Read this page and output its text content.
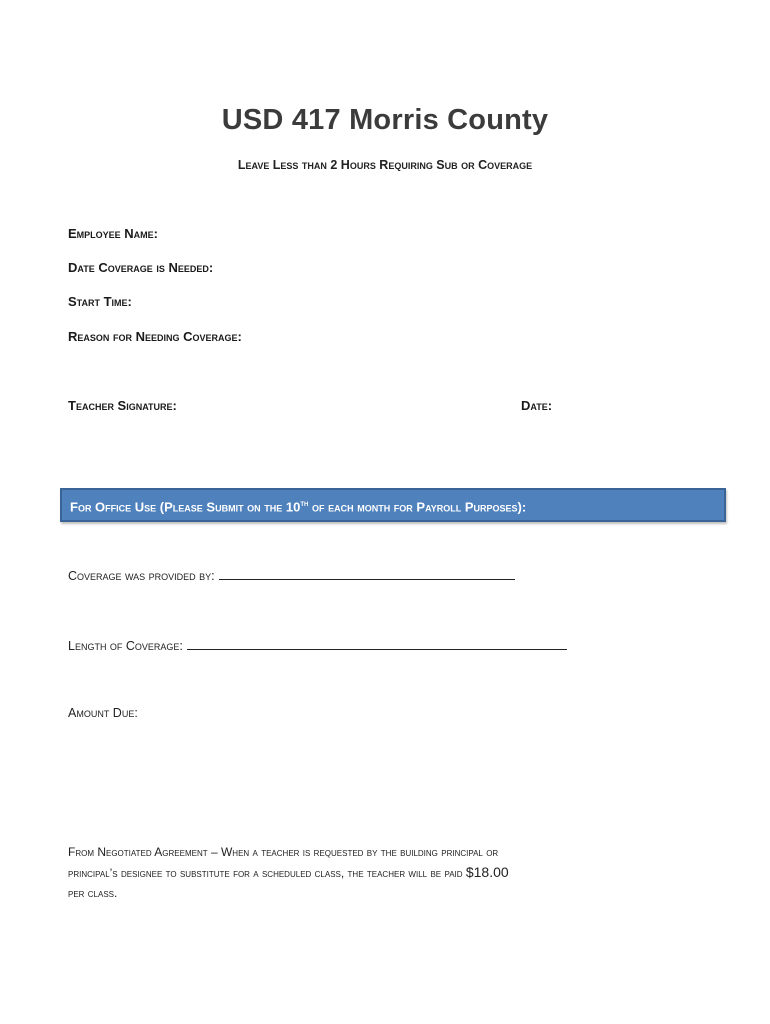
USD 417 Morris County
Leave Less than 2 Hours Requiring Sub or Coverage
Employee Name:
Date Coverage is Needed:
Start Time:
Reason for Needing Coverage:
Teacher Signature:	Date:
For Office Use (Please Submit on the 10th of each month for Payroll Purposes):
Coverage was provided by:
Length of Coverage:
Amount Due:
From Negotiated Agreement – When a teacher is requested by the building principal or
principal’s designee to substitute for a scheduled class, the teacher will be paid $18.00
per class.
